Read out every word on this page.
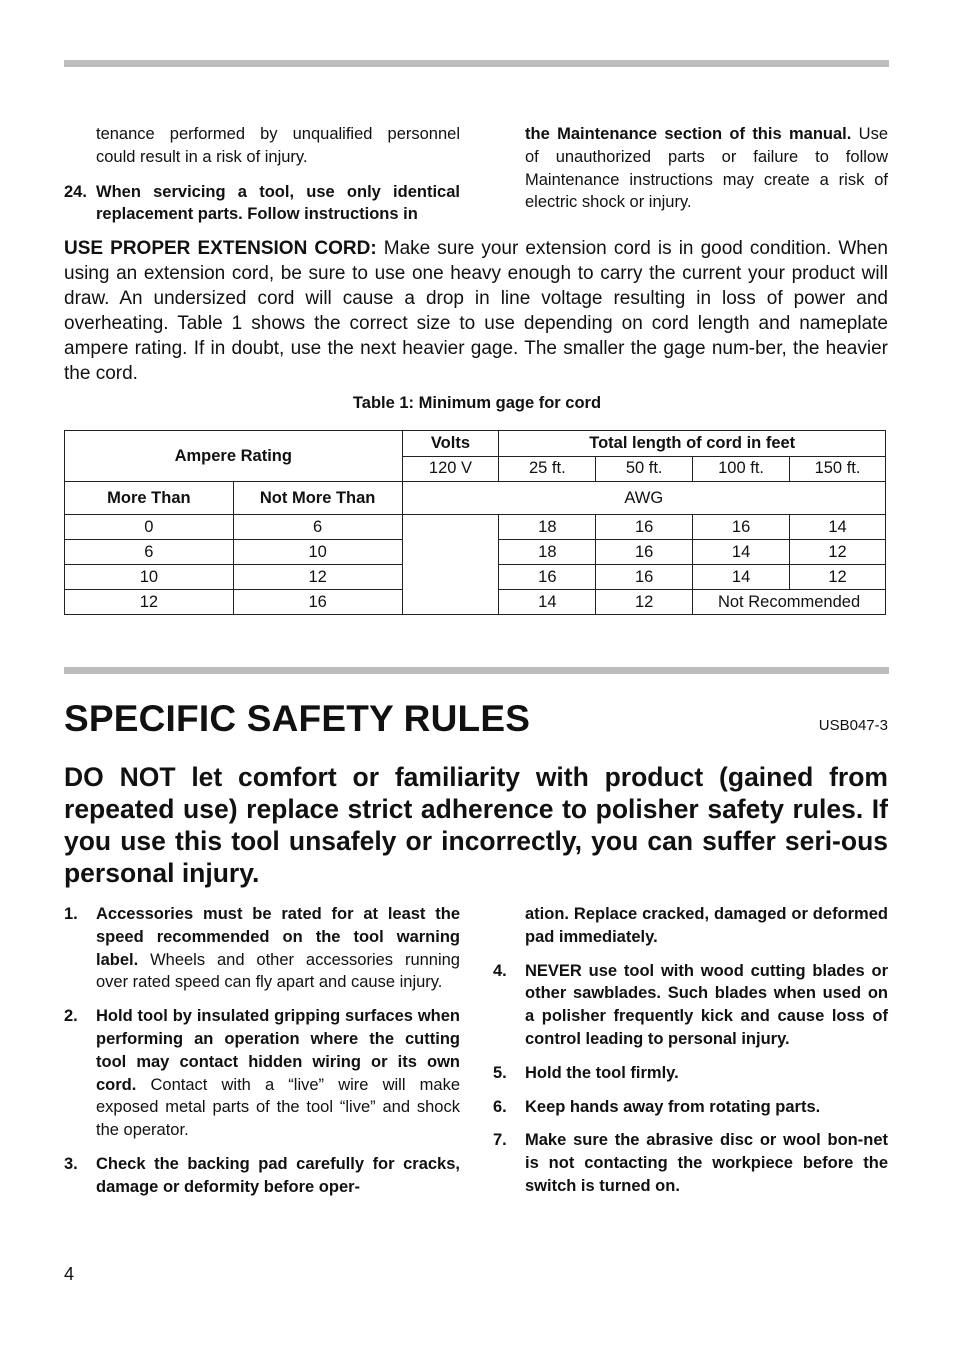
tenance performed by unqualified personnel could result in a risk of injury.
24. When servicing a tool, use only identical replacement parts. Follow instructions in
the Maintenance section of this manual. Use of unauthorized parts or failure to follow Maintenance instructions may create a risk of electric shock or injury.
USE PROPER EXTENSION CORD: Make sure your extension cord is in good condition. When using an extension cord, be sure to use one heavy enough to carry the current your product will draw. An undersized cord will cause a drop in line voltage resulting in loss of power and overheating. Table 1 shows the correct size to use depending on cord length and nameplate ampere rating. If in doubt, use the next heavier gage. The smaller the gage num-ber, the heavier the cord.
Table 1: Minimum gage for cord
Ampere Rating		Volts	Total length of cord in feet			
		120 V	25 ft.	50 ft.	100 ft.	150 ft.
More Than	Not More Than	AWG				
0	6		18	16	16	14
6	10		18	16	14	12
10	12		16	16	14	12
12	16		14	12	Not Recommended	
SPECIFIC SAFETY RULES	USB047-3
DO NOT let comfort or familiarity with product (gained from repeated use) replace strict adherence to polisher safety rules. If you use this tool unsafely or incorrectly, you can suffer seri-ous personal injury.
1. Accessories must be rated for at least the speed recommended on the tool warning label. Wheels and other accessories running over rated speed can fly apart and cause injury.
2. Hold tool by insulated gripping surfaces when performing an operation where the cutting tool may contact hidden wiring or its own cord. Contact with a “live” wire will make exposed metal parts of the tool “live” and shock the operator.
3. Check the backing pad carefully for cracks, damage or deformity before oper-
ation. Replace cracked, damaged or deformed pad immediately.
4. NEVER use tool with wood cutting blades or other sawblades. Such blades when used on a polisher frequently kick and cause loss of control leading to personal injury.
5. Hold the tool firmly.
6. Keep hands away from rotating parts.
7. Make sure the abrasive disc or wool bon-net is not contacting the workpiece before the switch is turned on.
4
